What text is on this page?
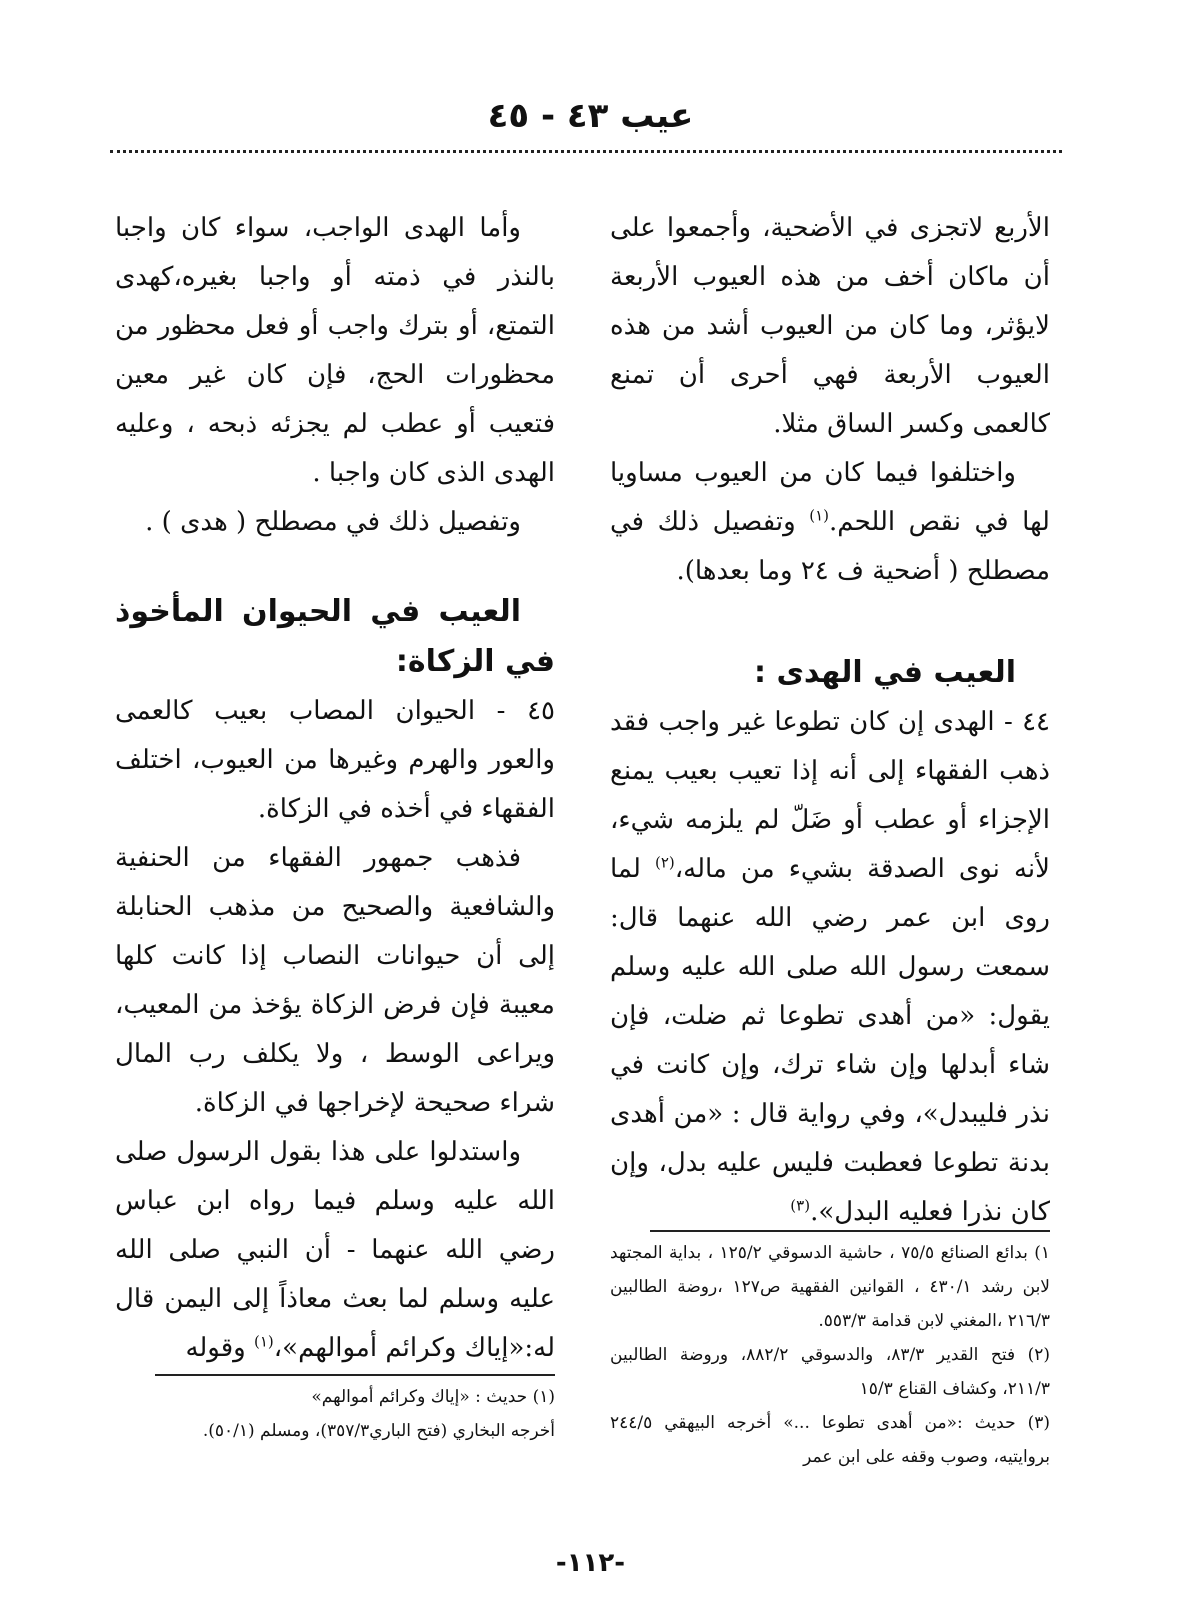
عيب ٤٣ - ٤٥

الأربع لاتجزى في الأضحية، وأجمعوا على أن ماكان أخف من هذه العيوب الأربعة لايؤثر، وما كان من العيوب أشد من هذه العيوب الأربعة فهي أحرى أن تمنع كالعمى وكسر الساق مثلا.

واختلفوا فيما كان من العيوب مساويا لها في نقص اللحم.$^{(١)}$ وتفصيل ذلك في مصطلح ( أضحية ف ٢٤ وما بعدها).

العيب في الهدى :

٤٤ - الهدى إن كان تطوعا غير واجب فقد ذهب الفقهاء إلى أنه إذا تعيب بعيب يمنع الإجزاء أو عطب أو ضَلّ لم يلزمه شيء، لأنه نوى الصدقة بشيء من ماله،$^{(٢)}$ لما روى ابن عمر رضي الله عنهما قال: سمعت رسول الله صلى الله عليه وسلم يقول: «من أهدى تطوعا ثم ضلت، فإن شاء أبدلها وإن شاء ترك، وإن كانت في نذر فليبدل»، وفي رواية قال : «من أهدى بدنة تطوعا فعطبت فليس عليه بدل، وإن كان نذرا فعليه البدل».$^{(٣)}$

١) بدائع الصنائع ٧٥/٥ ، حاشية الدسوقي ١٢٥/٢ ، بداية المجتهد لابن رشد ٤٣٠/١ ، القوانين الفقهية ص١٢٧ ،روضة الطالبين ٢١٦/٣ ،المغني لابن قدامة ٥٥٣/٣.

(٢) فتح القدير ٨٣/٣، والدسوقي ٨٨٢/٢، وروضة الطالبين ٢١١/٣، وكشاف القناع ١٥/٣

(٣) حديث :«من أهدى تطوعا ...» أخرجه البيهقي ٢٤٤/٥ بروايتيه، وصوب وقفه على ابن عمر

وأما الهدى الواجب، سواء كان واجبا بالنذر في ذمته أو واجبا بغيره،كهدى التمتع، أو بترك واجب أو فعل محظور من محظورات الحج، فإن كان غير معين فتعيب أو عطب لم يجزئه ذبحه ، وعليه الهدى الذى كان واجبا .

وتفصيل ذلك في مصطلح ( هدى ) .

العيب في الحيوان المأخوذ في الزكاة:

٤٥ - الحيوان المصاب بعيب كالعمى والعور والهرم وغيرها من العيوب، اختلف الفقهاء في أخذه في الزكاة.

فذهب جمهور الفقهاء من الحنفية والشافعية والصحيح من مذهب الحنابلة إلى أن حيوانات النصاب إذا كانت كلها معيبة فإن فرض الزكاة يؤخذ من المعيب، ويراعى الوسط ، ولا يكلف رب المال شراء صحيحة لإخراجها في الزكاة.

واستدلوا على هذا بقول الرسول صلى الله عليه وسلم فيما رواه ابن عباس رضي الله عنهما - أن النبي صلى الله عليه وسلم لما بعث معاذاً إلى اليمن قال له:«إياك وكرائم أموالهم»،$^{(١)}$ وقوله

(١) حديث : «إياك وكرائم أموالهم»

أخرجه البخاري (فتح الباري٣٥٧/٣)، ومسلم (٥٠/١).

-١١٢-
